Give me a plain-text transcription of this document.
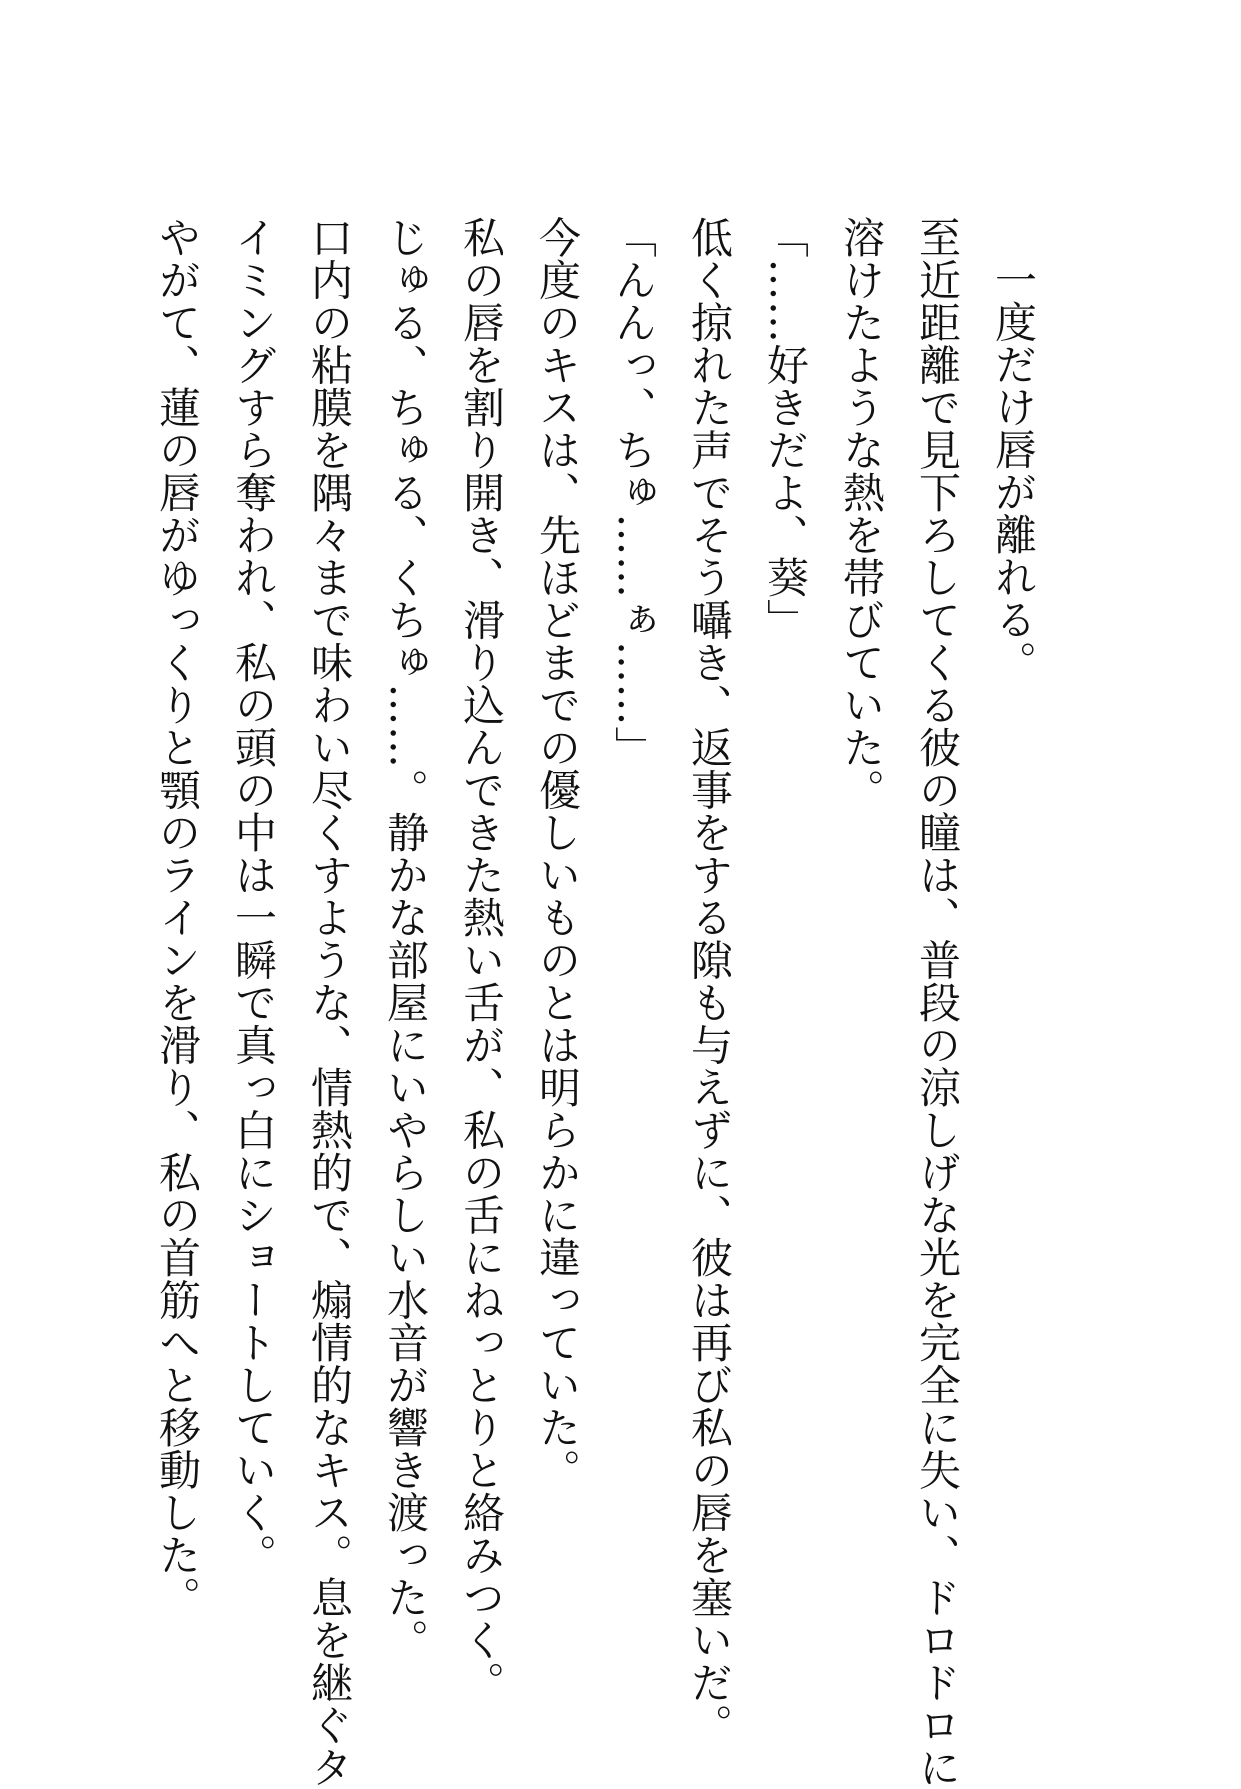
一度だけ唇が離れる。

至近距離で見下ろしてくる彼の瞳は、普段の涼しげな光を完全に失い、ドロドロに

溶けたような熱を帯びていた。

「……好きだよ、葵」

低く掠れた声でそう囁き、返事をする隙も与えずに、彼は再び私の唇を塞いだ。

「んんっ、ちゅ……ぁ……」

今度のキスは、先ほどまでの優しいものとは明らかに違っていた。

私の唇を割り開き、滑り込んできた熱い舌が、私の舌にねっとりと絡みつく。

じゅる、ちゅる、くちゅ……。静かな部屋にいやらしい水音が響き渡った。

口内の粘膜を隅々まで味わい尽くすような、情熱的で、煽情的なキス。息を継ぐタ

イミングすら奪われ、私の頭の中は一瞬で真っ白にショートしていく。

やがて、蓮の唇がゆっくりと顎のラインを滑り、私の首筋へと移動した。
